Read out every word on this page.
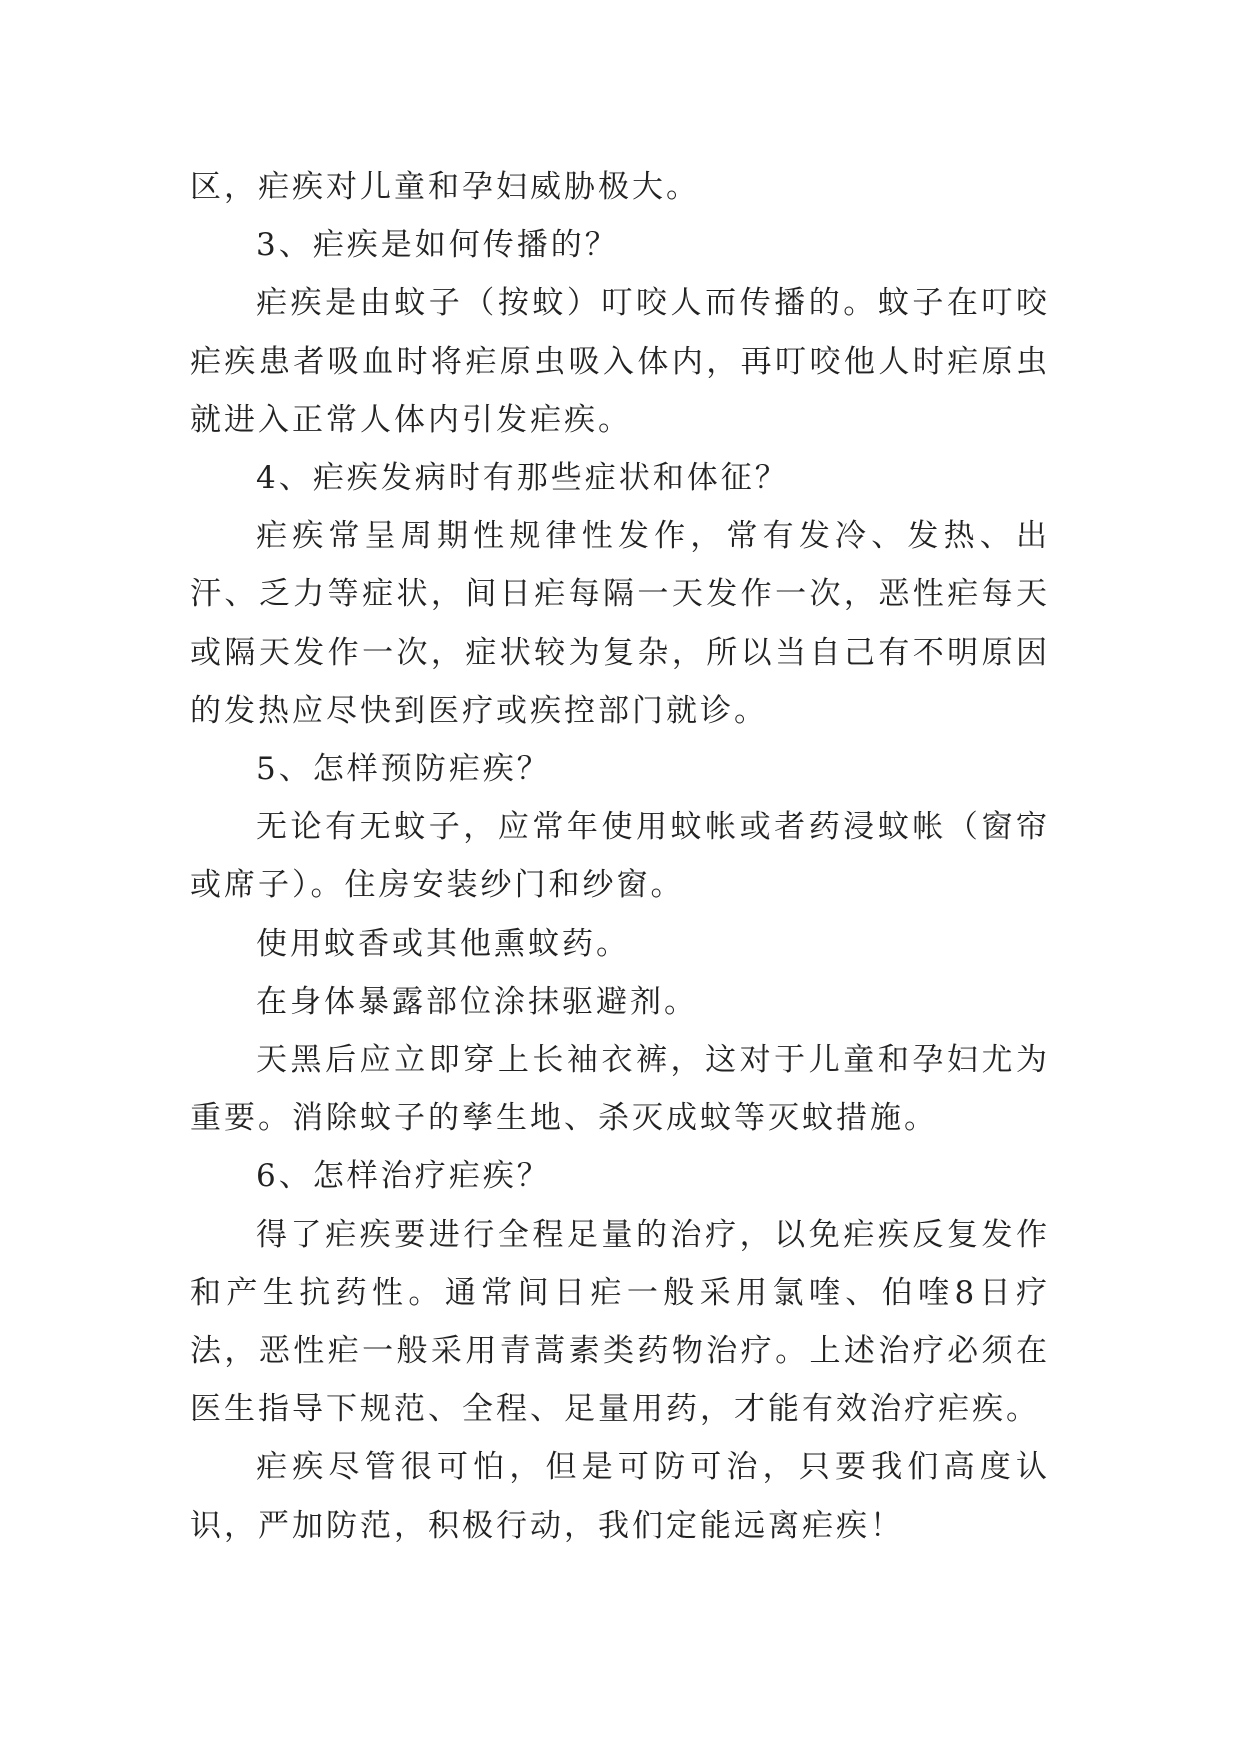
区，疟疾对儿童和孕妇威胁极大。

3、疟疾是如何传播的？

疟疾是由蚊子（按蚊）叮咬人而传播的。蚊子在叮咬疟疾患者吸血时将疟原虫吸入体内，再叮咬他人时疟原虫就进入正常人体内引发疟疾。

4、疟疾发病时有那些症状和体征？

疟疾常呈周期性规律性发作，常有发冷、发热、出汗、乏力等症状，间日疟每隔一天发作一次，恶性疟每天或隔天发作一次，症状较为复杂，所以当自己有不明原因的发热应尽快到医疗或疾控部门就诊。

5、怎样预防疟疾？

无论有无蚊子，应常年使用蚊帐或者药浸蚊帐（窗帘或席子）。住房安装纱门和纱窗。

使用蚊香或其他熏蚊药。

在身体暴露部位涂抹驱避剂。

天黑后应立即穿上长袖衣裤，这对于儿童和孕妇尤为重要。消除蚊子的孳生地、杀灭成蚊等灭蚊措施。

6、怎样治疗疟疾？

得了疟疾要进行全程足量的治疗，以免疟疾反复发作和产生抗药性。通常间日疟一般采用氯喹、伯喹8日疗法，恶性疟一般采用青蒿素类药物治疗。上述治疗必须在医生指导下规范、全程、足量用药，才能有效治疗疟疾。

疟疾尽管很可怕，但是可防可治，只要我们高度认识，严加防范，积极行动，我们定能远离疟疾！
